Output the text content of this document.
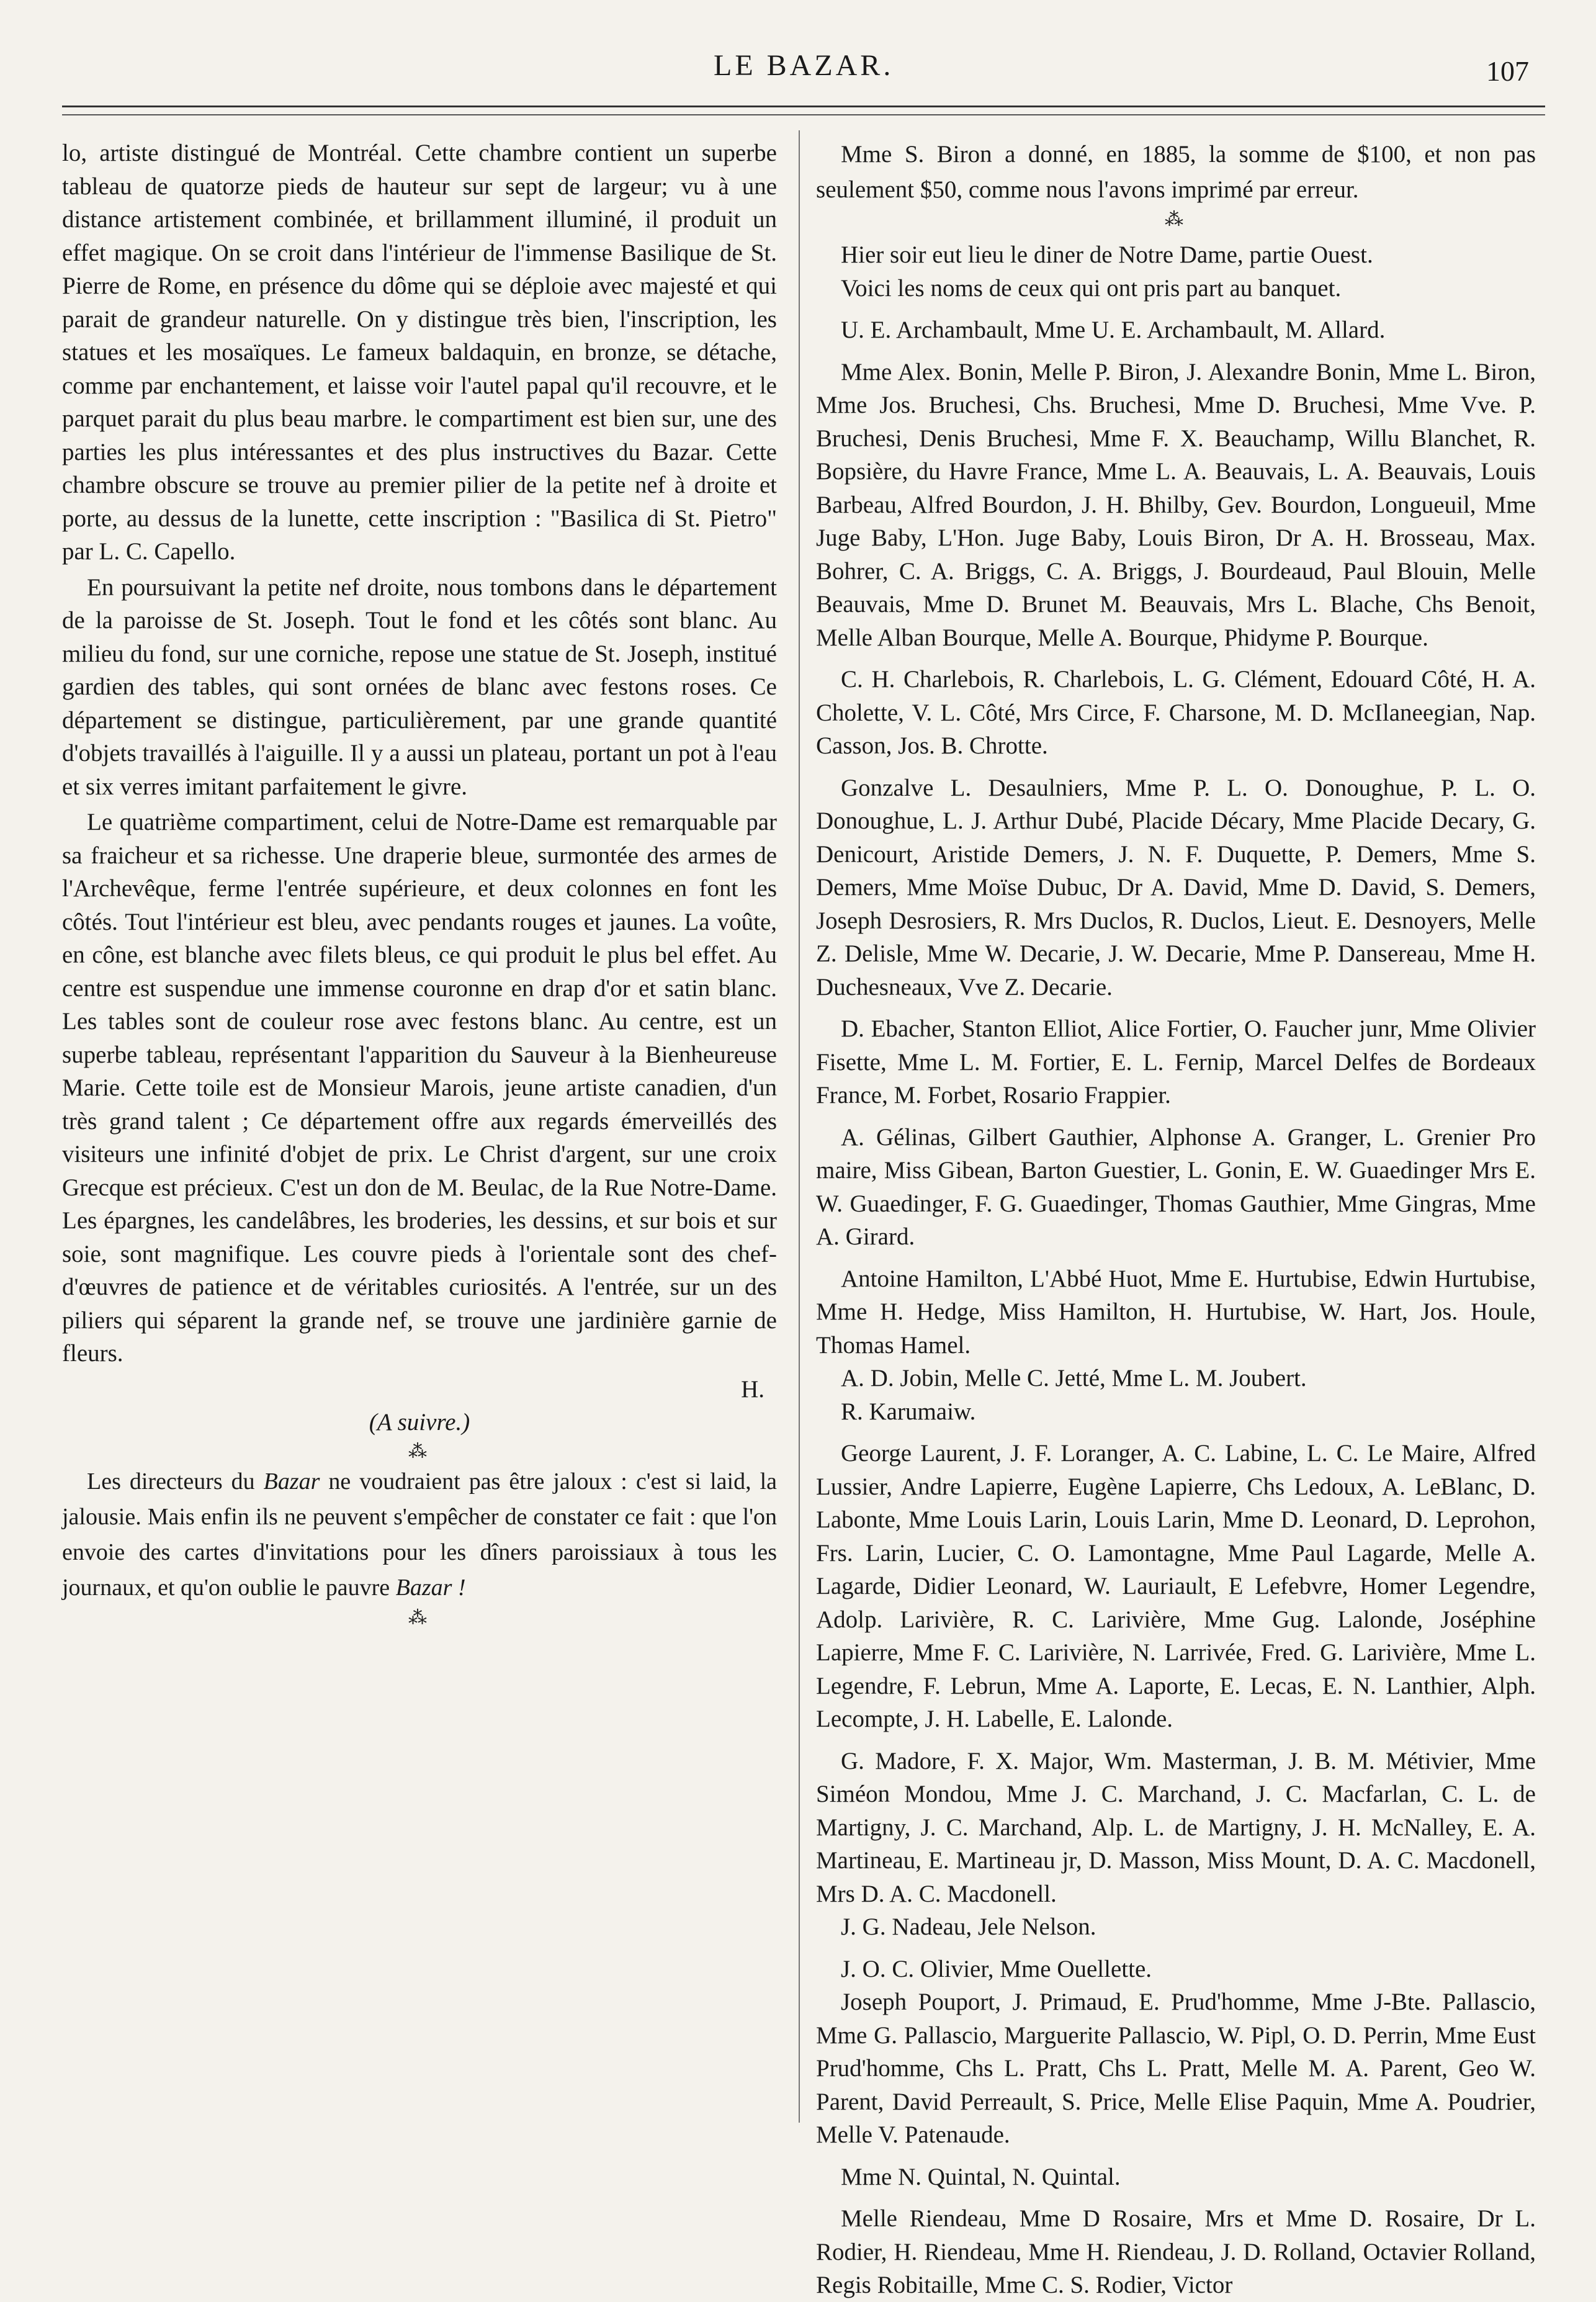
LE BAZAR.	107

lo, artiste distingué de Montréal. Cette chambre contient un superbe tableau de quatorze pieds de hauteur sur sept de largeur; vu à une distance artistement combinée, et brillamment illuminé, il produit un effet magique. On se croit dans l'intérieur de l'immense Basilique de St. Pierre de Rome, en présence du dôme qui se déploie avec majesté et qui parait de grandeur naturelle. On y distingue très bien, l'inscription, les statues et les mosaïques. Le fameux baldaquin, en bronze, se détache, comme par enchantement, et laisse voir l'autel papal qu'il recouvre, et le parquet parait du plus beau marbre. le compartiment est bien sur, une des parties les plus intéressantes et des plus instructives du Bazar. Cette chambre obscure se trouve au premier pilier de la petite nef à droite et porte, au dessus de la lunette, cette inscription : "Basilica di St. Pietro" par L. C. Capello.

En poursuivant la petite nef droite, nous tombons dans le département de la paroisse de St. Joseph. Tout le fond et les côtés sont blanc. Au milieu du fond, sur une corniche, repose une statue de St. Joseph, institué gardien des tables, qui sont ornées de blanc avec festons roses. Ce département se distingue, particulièrement, par une grande quantité d'objets travaillés à l'aiguille. Il y a aussi un plateau, portant un pot à l'eau et six verres imitant parfaitement le givre.

Le quatrième compartiment, celui de Notre-Dame est remarquable par sa fraicheur et sa richesse. Une draperie bleue, surmontée des armes de l'Archevêque, ferme l'entrée supérieure, et deux colonnes en font les côtés. Tout l'intérieur est bleu, avec pendants rouges et jaunes. La voûte, en cône, est blanche avec filets bleus, ce qui produit le plus bel effet. Au centre est suspendue une immense couronne en drap d'or et satin blanc. Les tables sont de couleur rose avec festons blanc. Au centre, est un superbe tableau, représentant l'apparition du Sauveur à la Bienheureuse Marie. Cette toile est de Monsieur Marois, jeune artiste canadien, d'un très grand talent ; Ce département offre aux regards émerveillés des visiteurs une infinité d'objet de prix. Le Christ d'argent, sur une croix Grecque est précieux. C'est un don de M. Beulac, de la Rue Notre-Dame. Les épargnes, les candelâbres, les broderies, les dessins, et sur bois et sur soie, sont magnifique. Les couvre pieds à l'orientale sont des chef-d'œuvres de patience et de véritables curiosités. A l'entrée, sur un des piliers qui séparent la grande nef, se trouve une jardinière garnie de fleurs.

H.

(A suivre.)

⁂

Les directeurs du Bazar ne voudraient pas être jaloux : c'est si laid, la jalousie. Mais enfin ils ne peuvent s'empêcher de constater ce fait : que l'on envoie des cartes d'invitations pour les dîners paroissiaux à tous les journaux, et qu'on oublie le pauvre Bazar !

⁂

Mme S. Biron a donné, en 1885, la somme de $100, et non pas seulement $50, comme nous l'avons imprimé par erreur.

⁂

Hier soir eut lieu le diner de Notre Dame, partie Ouest.

Voici les noms de ceux qui ont pris part au banquet.

U. E. Archambault, Mme U. E. Archambault, M. Allard.

Mme Alex. Bonin, Melle P. Biron, J. Alexandre Bonin, Mme L. Biron, Mme Jos. Bruchesi, Chs. Bruchesi, Mme D. Bruchesi, Mme Vve. P. Bruchesi, Denis Bruchesi, Mme F. X. Beauchamp, Willu Blanchet, R. Bopsière, du Havre France, Mme L. A. Beauvais, L. A. Beauvais, Louis Barbeau, Alfred Bourdon, J. H. Bhilby, Gev. Bourdon, Longueuil, Mme Juge Baby, L'Hon. Juge Baby, Louis Biron, Dr A. H. Brosseau, Max. Bohrer, C. A. Briggs, C. A. Briggs, J. Bourdeaud, Paul Blouin, Melle Beauvais, Mme D. Brunet M. Beauvais, Mrs L. Blache, Chs Benoit, Melle Alban Bourque, Melle A. Bourque, Phidyme P. Bourque.

C. H. Charlebois, R. Charlebois, L. G. Clément, Edouard Côté, H. A. Cholette, V. L. Côté, Mrs Circe, F. Charsone, M. D. McIlaneegian, Nap. Casson, Jos. B. Chrotte.

Gonzalve L. Desaulniers, Mme P. L. O. Donoughue, P. L. O. Donoughue, L. J. Arthur Dubé, Placide Décary, Mme Placide Decary, G. Denicourt, Aristide Demers, J. N. F. Duquette, P. Demers, Mme S. Demers, Mme Moïse Dubuc, Dr A. David, Mme D. David, S. Demers, Joseph Desrosiers, R. Mrs Duclos, R. Duclos, Lieut. E. Desnoyers, Melle Z. Delisle, Mme W. Decarie, J. W. Decarie, Mme P. Dansereau, Mme H. Duchesneaux, Vve Z. Decarie.

D. Ebacher, Stanton Elliot, Alice Fortier, O. Faucher junr, Mme Olivier Fisette, Mme L. M. Fortier, E. L. Fernip, Marcel Delfes de Bordeaux France, M. Forbet, Rosario Frappier.

A. Gélinas, Gilbert Gauthier, Alphonse A. Granger, L. Grenier Pro maire, Miss Gibean, Barton Guestier, L. Gonin, E. W. Guaedinger Mrs E. W. Guaedinger, F. G. Guaedinger, Thomas Gauthier, Mme Gingras, Mme A. Girard.

Antoine Hamilton, L'Abbé Huot, Mme E. Hurtubise, Edwin Hurtubise, Mme H. Hedge, Miss Hamilton, H. Hurtubise, W. Hart, Jos. Houle, Thomas Hamel.

A. D. Jobin, Melle C. Jetté, Mme L. M. Joubert.

R. Karumaiw.

George Laurent, J. F. Loranger, A. C. Labine, L. C. Le Maire, Alfred Lussier, Andre Lapierre, Eugène Lapierre, Chs Ledoux, A. LeBlanc, D. Labonte, Mme Louis Larin, Louis Larin, Mme D. Leonard, D. Leprohon, Frs. Larin, Lucier, C. O. Lamontagne, Mme Paul Lagarde, Melle A. Lagarde, Didier Leonard, W. Lauriault, E Lefebvre, Homer Legendre, Adolp. Larivière, R. C. Larivière, Mme Gug. Lalonde, Joséphine Lapierre, Mme F. C. Larivière, N. Larrivée, Fred. G. Larivière, Mme L. Legendre, F. Lebrun, Mme A. Laporte, E. Lecas, E. N. Lanthier, Alph. Lecompte, J. H. Labelle, E. Lalonde.

G. Madore, F. X. Major, Wm. Masterman, J. B. M. Métivier, Mme Siméon Mondou, Mme J. C. Marchand, J. C. Macfarlan, C. L. de Martigny, J. C. Marchand, Alp. L. de Martigny, J. H. McNalley, E. A. Martineau, E. Martineau jr, D. Masson, Miss Mount, D. A. C. Macdonell, Mrs D. A. C. Macdonell.

J. G. Nadeau, Jele Nelson.

J. O. C. Olivier, Mme Ouellette.

Joseph Pouport, J. Primaud, E. Prud'homme, Mme J-Bte. Pallascio, Mme G. Pallascio, Marguerite Pallascio, W. Pipl, O. D. Perrin, Mme Eust Prud'homme, Chs L. Pratt, Chs L. Pratt, Melle M. A. Parent, Geo W. Parent, David Perreault, S. Price, Melle Elise Paquin, Mme A. Poudrier, Melle V. Patenaude.

Mme N. Quintal, N. Quintal.

Melle Riendeau, Mme D Rosaire, Mrs et Mme D. Rosaire, Dr L. Rodier, H. Riendeau, Mme H. Riendeau, J. D. Rolland, Octavier Rolland, Regis Robitaille, Mme C. S. Rodier, Victor
